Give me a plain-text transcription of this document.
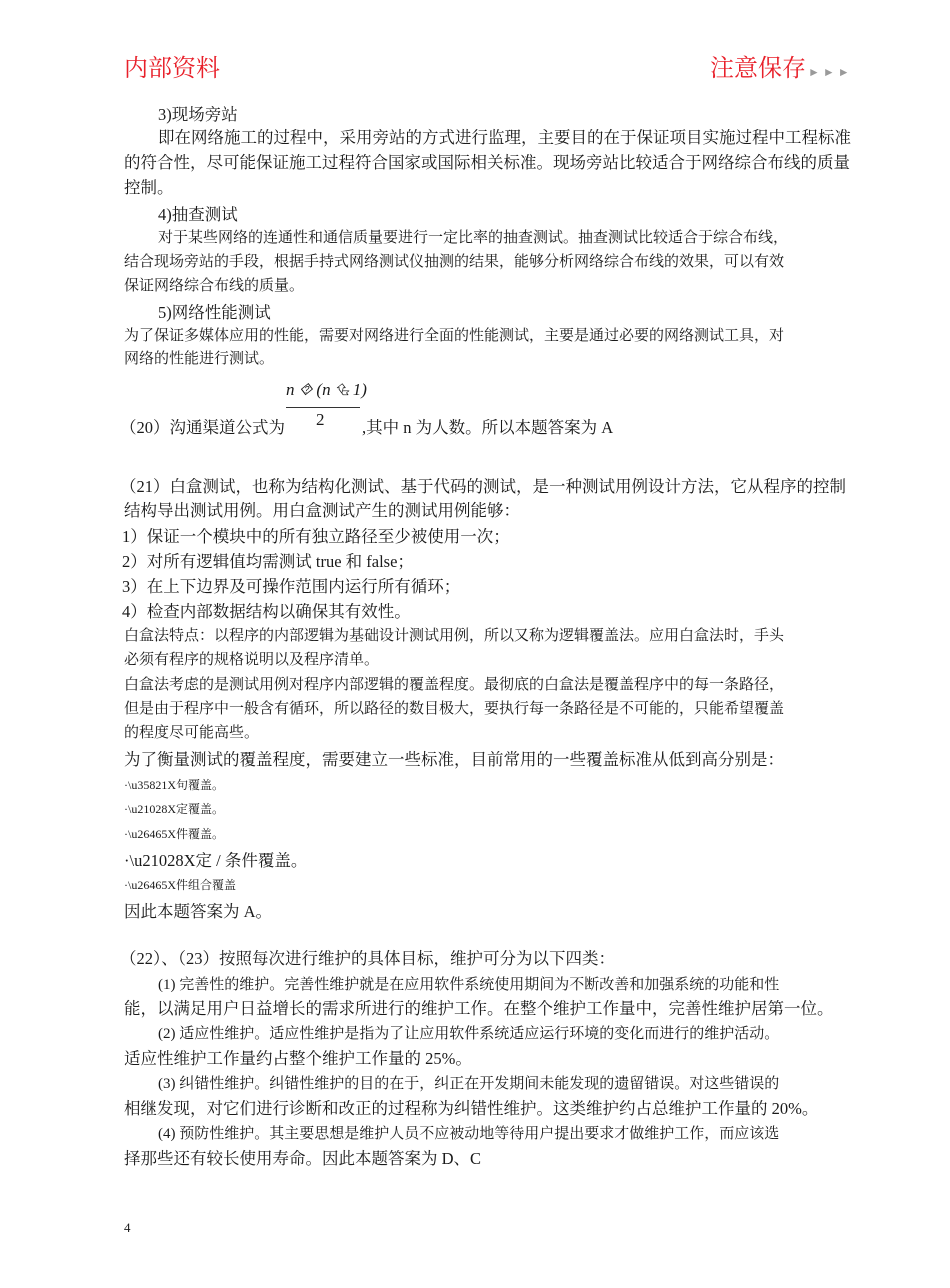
内部资料	注意保存 ►►►
3)现场旁站
即在网络施工的过程中，采用旁站的方式进行监理，主要目的在于保证项目实施过程中工程标准
的符合性，尽可能保证施工过程符合国家或国际相关标准。现场旁站比较适合于网络综合布线的质量
控制。
4)抽查测试
对于某些网络的连通性和通信质量要进行一定比率的抽查测试。抽查测试比较适合于综合布线，
结合现场旁站的手段，根据手持式网络测试仪抽测的结果，能够分析网络综合布线的效果，可以有效
保证网络综合布线的质量。
5)网络性能测试
为了保证多媒体应用的性能，需要对网络进行全面的性能测试，主要是通过必要的网络测试工具，对
网络的性能进行测试。
n ⯑ (n ⮴ 1)
2
（20）沟通渠道公式为	,其中 n 为人数。所以本题答案为 A
（21）白盒测试，也称为结构化测试、基于代码的测试，是一种测试用例设计方法，它从程序的控制
结构导出测试用例。用白盒测试产生的测试用例能够：
1）保证一个模块中的所有独立路径至少被使用一次；
2）对所有逻辑值均需测试 true 和 false；
3）在上下边界及可操作范围内运行所有循环；
4）检查内部数据结构以确保其有效性。
白盒法特点：以程序的内部逻辑为基础设计测试用例，所以又称为逻辑覆盖法。应用白盒法时，手头
必须有程序的规格说明以及程序清单。
白盒法考虑的是测试用例对程序内部逻辑的覆盖程度。最彻底的白盒法是覆盖程序中的每一条路径，
但是由于程序中一般含有循环，所以路径的数目极大，要执行每一条路径是不可能的，只能希望覆盖
的程度尽可能高些。
为了衡量测试的覆盖程度，需要建立一些标准，目前常用的一些覆盖标准从低到高分别是：
·\u35821X句覆盖。
·\u21028X定覆盖。
·\u26465X件覆盖。
·\u21028X定 / 条件覆盖。
·\u26465X件组合覆盖
因此本题答案为 A。
（22）、（23）按照每次进行维护的具体目标，维护可分为以下四类：
(1) 完善性的维护。完善性维护就是在应用软件系统使用期间为不断改善和加强系统的功能和性
能，以满足用户日益增长的需求所进行的维护工作。在整个维护工作量中，完善性维护居第一位。
(2) 适应性维护。适应性维护是指为了让应用软件系统适应运行环境的变化而进行的维护活动。
适应性维护工作量约占整个维护工作量的 25%。
(3) 纠错性维护。纠错性维护的目的在于，纠正在开发期间未能发现的遗留错误。对这些错误的
相继发现，对它们进行诊断和改正的过程称为纠错性维护。这类维护约占总维护工作量的 20%。
(4) 预防性维护。其主要思想是维护人员不应被动地等待用户提出要求才做维护工作，而应该选
择那些还有较长使用寿命。因此本题答案为 D、C
4
